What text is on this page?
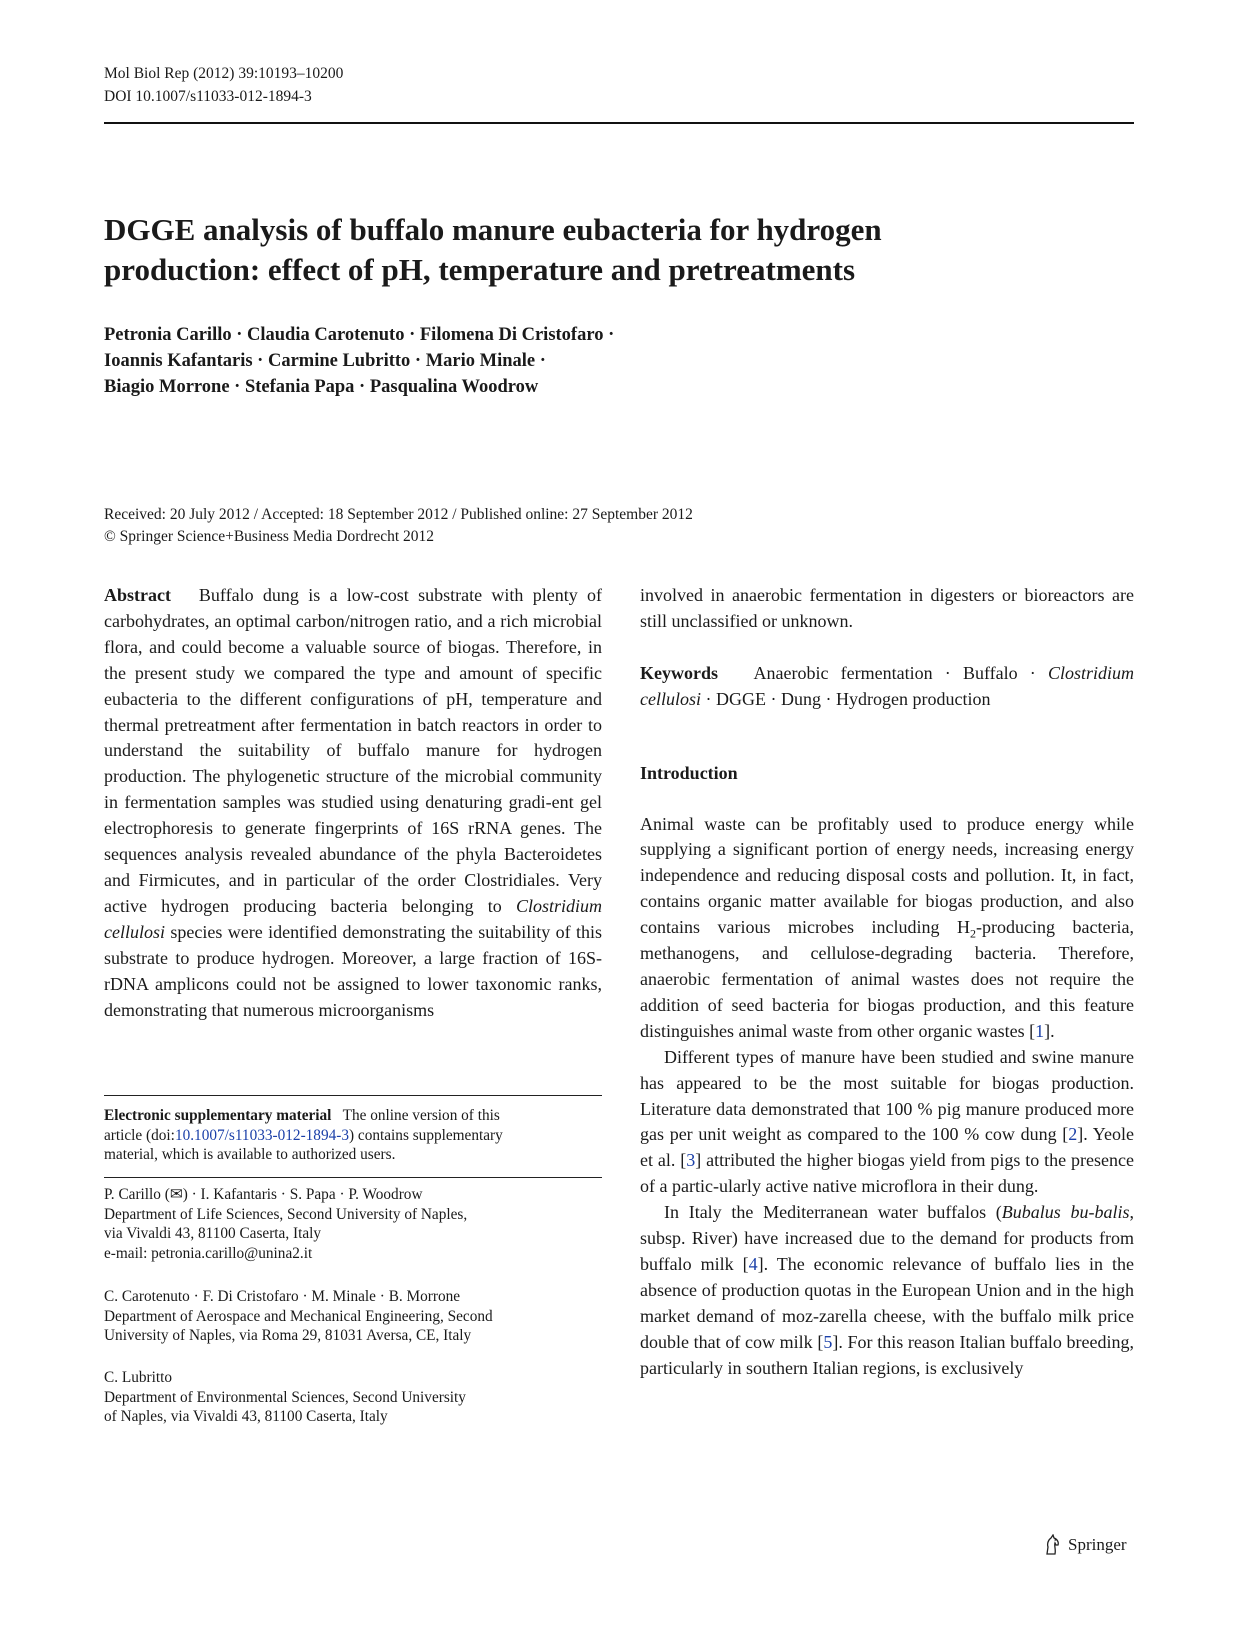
Mol Biol Rep (2012) 39:10193–10200
DOI 10.1007/s11033-012-1894-3
DGGE analysis of buffalo manure eubacteria for hydrogen
production: effect of pH, temperature and pretreatments
Petronia Carillo · Claudia Carotenuto · Filomena Di Cristofaro ·
Ioannis Kafantaris · Carmine Lubritto · Mario Minale ·
Biagio Morrone · Stefania Papa · Pasqualina Woodrow
Received: 20 July 2012 / Accepted: 18 September 2012 / Published online: 27 September 2012
© Springer Science+Business Media Dordrecht 2012

Abstract Buffalo dung is a low-cost substrate with plenty of carbohydrates, an optimal carbon/nitrogen ratio, and a rich microbial flora, and could become a valuable source of biogas. Therefore, in the present study we compared the type and amount of specific eubacteria to the different configurations of pH, temperature and thermal pretreatment after fermentation in batch reactors in order to understand the suitability of buffalo manure for hydrogen production. The phylogenetic structure of the microbial community in fermentation samples was studied using denaturing gradi-ent gel electrophoresis to generate fingerprints of 16S rRNA genes. The sequences analysis revealed abundance of the phyla Bacteroidetes and Firmicutes, and in particular of the order Clostridiales. Very active hydrogen producing bacteria belonging to Clostridium cellulosi species were identified demonstrating the suitability of this substrate to produce hydrogen. Moreover, a large fraction of 16S-rDNA amplicons could not be assigned to lower taxonomic ranks, demonstrating that numerous microorganisms

Electronic supplementary material The online version of this
article (doi:10.1007/s11033-012-1894-3) contains supplementary
material, which is available to authorized users.
P. Carillo (✉) · I. Kafantaris · S. Papa · P. Woodrow
Department of Life Sciences, Second University of Naples,
via Vivaldi 43, 81100 Caserta, Italy
e-mail: petronia.carillo@unina2.it
C. Carotenuto · F. Di Cristofaro · M. Minale · B. Morrone
Department of Aerospace and Mechanical Engineering, Second
University of Naples, via Roma 29, 81031 Aversa, CE, Italy
C. Lubritto
Department of Environmental Sciences, Second University
of Naples, via Vivaldi 43, 81100 Caserta, Italy

involved in anaerobic fermentation in digesters or bioreactors are still unclassified or unknown.

Keywords Anaerobic fermentation · Buffalo · Clostridium cellulosi · DGGE · Dung · Hydrogen production

Introduction

Animal waste can be profitably used to produce energy while supplying a significant portion of energy needs, increasing energy independence and reducing disposal costs and pollution. It, in fact, contains organic matter available for biogas production, and also contains various microbes including $H_2$-producing bacteria, methanogens, and cellulose-degrading bacteria. Therefore, anaerobic fermentation of animal wastes does not require the addition of seed bacteria for biogas production, and this feature distinguishes animal waste from other organic wastes [1].

Different types of manure have been studied and swine manure has appeared to be the most suitable for biogas production. Literature data demonstrated that 100 % pig manure produced more gas per unit weight as compared to the 100 % cow dung [2]. Yeole et al. [3] attributed the higher biogas yield from pigs to the presence of a partic-ularly active native microflora in their dung.

In Italy the Mediterranean water buffalos (Bubalus bu-balis, subsp. River) have increased due to the demand for products from buffalo milk [4]. The economic relevance of buffalo lies in the absence of production quotas in the European Union and in the high market demand of moz-zarella cheese, with the buffalo milk price double that of cow milk [5]. For this reason Italian buffalo breeding, particularly in southern Italian regions, is exclusively

Springer
